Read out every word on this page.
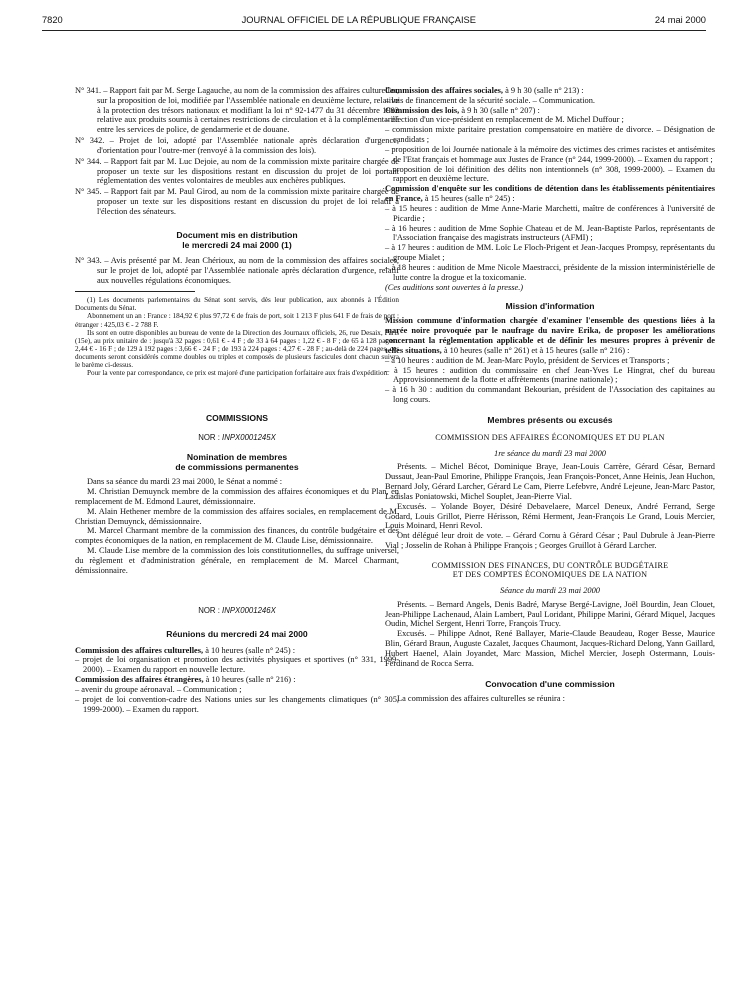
7820	JOURNAL OFFICIEL DE LA RÉPUBLIQUE FRANÇAISE	24 mai 2000

N° 341. – Rapport fait par M. Serge Lagauche, au nom de la commission des affaires culturelles, sur la proposition de loi, modifiée par l'Assemblée nationale en deuxième lecture, relative à la protection des trésors nationaux et modifiant la loi n° 92-1477 du 31 décembre 1992 relative aux produits soumis à certaines restrictions de circulation et à la complémentarité entre les services de police, de gendarmerie et de douane.

N° 342. – Projet de loi, adopté par l'Assemblée nationale après déclaration d'urgence, d'orientation pour l'outre-mer (renvoyé à la commission des lois).

N° 344. – Rapport fait par M. Luc Dejoie, au nom de la commission mixte paritaire chargée de proposer un texte sur les dispositions restant en discussion du projet de loi portant réglementation des ventes volontaires de meubles aux enchères publiques.

N° 345. – Rapport fait par M. Paul Girod, au nom de la commission mixte paritaire chargée de proposer un texte sur les dispositions restant en discussion du projet de loi relatif à l'élection des sénateurs.

Document mis en distribution

le mercredi 24 mai 2000 (1)

N° 343. – Avis présenté par M. Jean Chérioux, au nom de la commission des affaires sociales, sur le projet de loi, adopté par l'Assemblée nationale après déclaration d'urgence, relatif aux nouvelles régulations économiques.

(1) Les documents parlementaires du Sénat sont servis, dès leur publication, aux abonnés à l'Édition Documents du Sénat.

Abonnement un an : France : 184,92 € plus 97,72 € de frais de port, soit 1 213 F plus 641 F de frais de port ; étranger : 425,03 € - 2 788 F.

Ils sont en outre disponibles au bureau de vente de la Direction des Journaux officiels, 26, rue Desaix, Paris (15e), au prix unitaire de : jusqu'à 32 pages : 0,61 € - 4 F ; de 33 à 64 pages : 1,22 € - 8 F ; de 65 à 128 pages : 2,44 € - 16 F ; de 129 à 192 pages : 3,66 € - 24 F ; de 193 à 224 pages : 4,27 € - 28 F ; au-delà de 224 pages, ces documents seront considérés comme doubles ou triples et composés de plusieurs fascicules dont chacun suivra le barème ci-dessus.

Pour la vente par correspondance, ce prix est majoré d'une participation forfaitaire aux frais d'expédition.

COMMISSIONS

NOR : INPX0001245X

Nomination de membres

de commissions permanentes

Dans sa séance du mardi 23 mai 2000, le Sénat a nommé :

M. Christian Demuynck membre de la commission des affaires économiques et du Plan, en remplacement de M. Edmond Lauret, démissionnaire.

M. Alain Hethener membre de la commission des affaires sociales, en remplacement de M. Christian Demuynck, démissionnaire.

M. Marcel Charmant membre de la commission des finances, du contrôle budgétaire et des comptes économiques de la nation, en remplacement de M. Claude Lise, démissionnaire.

M. Claude Lise membre de la commission des lois constitutionnelles, du suffrage universel, du règlement et d'administration générale, en remplacement de M. Marcel Charmant, démissionnaire.

NOR : INPX0001246X

Réunions du mercredi 24 mai 2000

Commission des affaires culturelles, à 10 heures (salle n° 245) :

– projet de loi organisation et promotion des activités physiques et sportives (n° 331, 1999-2000). – Examen du rapport en nouvelle lecture.

Commission des affaires étrangères, à 10 heures (salle n° 216) :

– avenir du groupe aéronaval. – Communication ;

– projet de loi convention-cadre des Nations unies sur les changements climatiques (n° 305, 1999-2000). – Examen du rapport.

Commission des affaires sociales, à 9 h 30 (salle n° 213) :

– lois de financement de la sécurité sociale. – Communication.

Commission des lois, à 9 h 30 (salle n° 207) :

– élection d'un vice-président en remplacement de M. Michel Duffour ;

– commission mixte paritaire prestation compensatoire en matière de divorce. – Désignation de candidats ;

– proposition de loi Journée nationale à la mémoire des victimes des crimes racistes et antisémites de l'Etat français et hommage aux Justes de France (n° 244, 1999-2000). – Examen du rapport ;

– proposition de loi définition des délits non intentionnels (n° 308, 1999-2000). – Examen du rapport en deuxième lecture.

Commission d'enquête sur les conditions de détention dans les établissements pénitentiaires en France, à 15 heures (salle n° 245) :

– à 15 heures : audition de Mme Anne-Marie Marchetti, maître de conférences à l'université de Picardie ;

– à 16 heures : audition de Mme Sophie Chateau et de M. Jean-Baptiste Parlos, représentants de l'Association française des magistrats instructeurs (AFMI) ;

– à 17 heures : audition de MM. Loïc Le Floch-Prigent et Jean-Jacques Prompsy, représentants du groupe Mialet ;

– à 18 heures : audition de Mme Nicole Maestracci, présidente de la mission interministérielle de lutte contre la drogue et la toxicomanie.

(Ces auditions sont ouvertes à la presse.)

Mission d'information

Mission commune d'information chargée d'examiner l'ensemble des questions liées à la marée noire provoquée par le naufrage du navire Erika, de proposer les améliorations concernant la réglementation applicable et de définir les mesures propres à prévenir de telles situations, à 10 heures (salle n° 261) et à 15 heures (salle n° 216) :

– à 10 heures : audition de M. Jean-Marc Poylo, président de Services et Transports ;

– à 15 heures : audition du commissaire en chef Jean-Yves Le Hingrat, chef du bureau Approvisionnement de la flotte et affrètements (marine nationale) ;

– à 16 h 30 : audition du commandant Bekourian, président de l'Association des capitaines au long cours.

Membres présents ou excusés

COMMISSION DES AFFAIRES ÉCONOMIQUES ET DU PLAN

1re séance du mardi 23 mai 2000

Présents. – Michel Bécot, Dominique Braye, Jean-Louis Carrère, Gérard César, Bernard Dussaut, Jean-Paul Emorine, Philippe François, Jean François-Poncet, Anne Heinis, Jean Huchon, Bernard Joly, Gérard Larcher, Gérard Le Cam, Pierre Lefebvre, André Lejeune, Jean-Marc Pastor, Ladislas Poniatowski, Michel Souplet, Jean-Pierre Vial.

Excusés. – Yolande Boyer, Désiré Debavelaere, Marcel Deneux, André Ferrand, Serge Godard, Louis Grillot, Pierre Hérisson, Rémi Herment, Jean-François Le Grand, Louis Mercier, Louis Moinard, Henri Revol.

Ont délégué leur droit de vote. – Gérard Cornu à Gérard César ; Paul Dubrule à Jean-Pierre Vial ; Josselin de Rohan à Philippe François ; Georges Gruillot à Gérard Larcher.

COMMISSION DES FINANCES, DU CONTRÔLE BUDGÉTAIRE

ET DES COMPTES ÉCONOMIQUES DE LA NATION

Séance du mardi 23 mai 2000

Présents. – Bernard Angels, Denis Badré, Maryse Bergé-Lavigne, Joël Bourdin, Jean Clouet, Jean-Philippe Lachenaud, Alain Lambert, Paul Loridant, Philippe Marini, Gérard Miquel, Jacques Oudin, Michel Sergent, Henri Torre, François Trucy.

Excusés. – Philippe Adnot, René Ballayer, Marie-Claude Beaudeau, Roger Besse, Maurice Blin, Gérard Braun, Auguste Cazalet, Jacques Chaumont, Jacques-Richard Delong, Yann Gaillard, Hubert Haenel, Alain Joyandet, Marc Massion, Michel Mercier, Joseph Ostermann, Louis-Ferdinand de Rocca Serra.

Convocation d'une commission

La commission des affaires culturelles se réunira :
